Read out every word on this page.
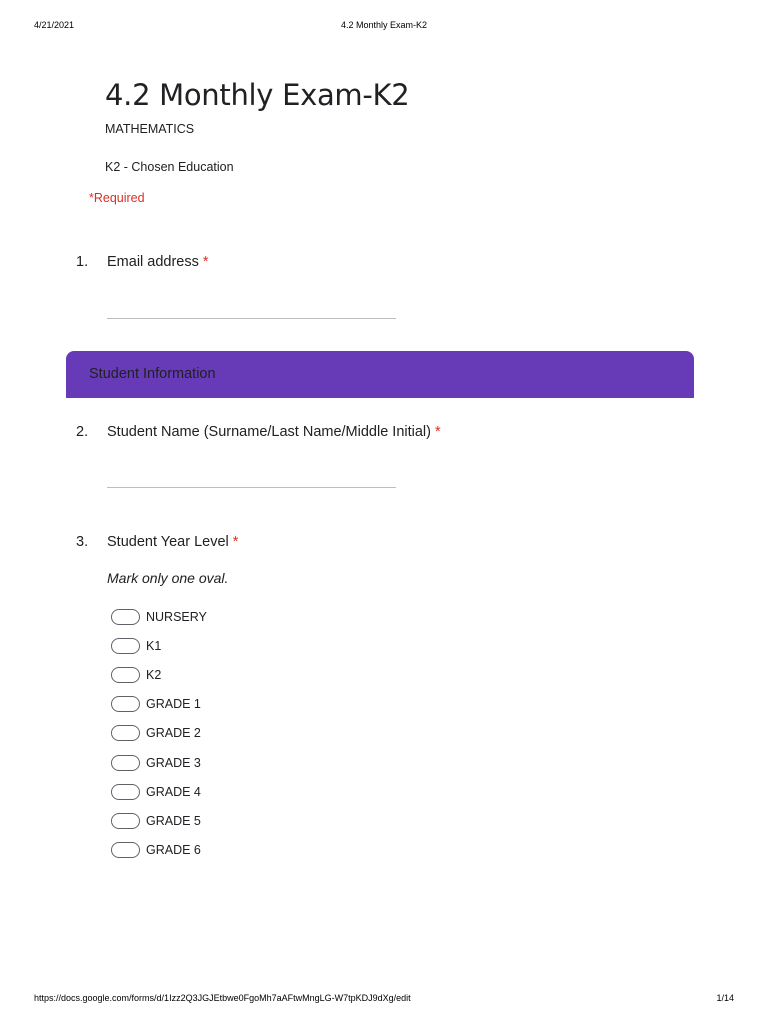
4/21/2021	4.2 Monthly Exam-K2
4.2 Monthly Exam-K2
MATHEMATICS
K2 - Chosen Education
*Required
1. Email address *
Student Information
2. Student Name (Surname/Last Name/Middle Initial) *
3. Student Year Level *
Mark only one oval.
NURSERY
K1
K2
GRADE 1
GRADE 2
GRADE 3
GRADE 4
GRADE 5
GRADE 6
https://docs.google.com/forms/d/1Izz2Q3JGJEtbwe0FgoMh7aAFtwMngLG-W7tpKDJ9dXg/edit	1/14
